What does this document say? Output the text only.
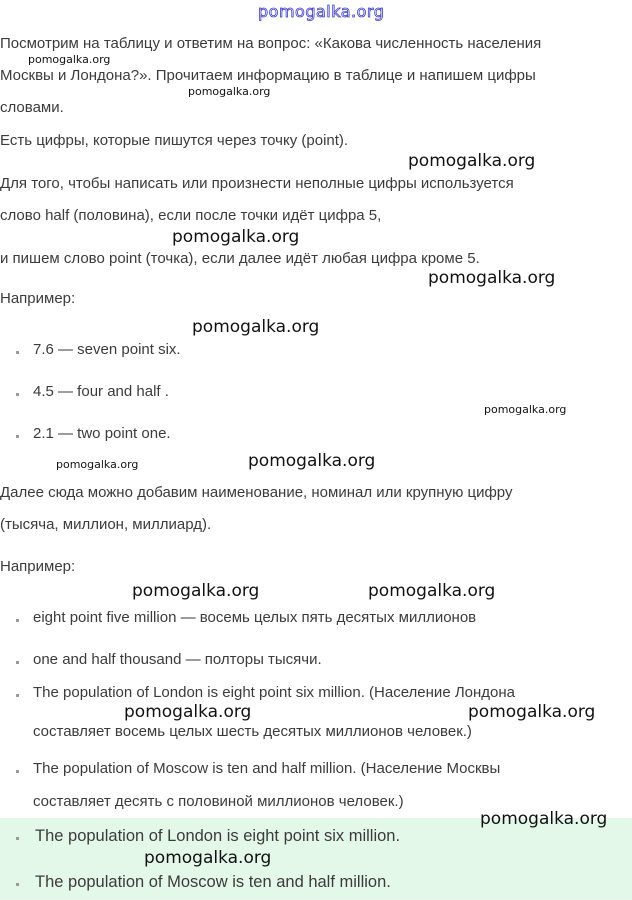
Посмотрим на таблицу и ответим на вопрос: «Какова численность населения
Москвы и Лондона?». Прочитаем информацию в таблице и напишем цифры
словами.
Есть цифры, которые пишутся через точку (point).
Для того, чтобы написать или произнести неполные цифры используется
слово half (половина), если после точки идёт цифра 5,
и пишем слово point (точка), если далее идёт любая цифра кроме 5.
Например:
7.6 — seven point six.
4.5 — four and half .
2.1 — two point one.
Далее сюда можно добавим наименование, номинал или крупную цифру
(тысяча, миллион, миллиард).
Например:
eight point five million — восемь целых пять десятых миллионов
one and half thousand — полторы тысячи.
The population of London is eight point six million. (Население Лондона
составляет восемь целых шесть десятых миллионов человек.)
The population of Moscow is ten and half million. (Население Москвы
составляет десять с половиной миллионов человек.)
The population of London is eight point six million.
The population of Moscow is ten and half million.
pomogalka.org
pomogalka.org
pomogalka.org
pomogalka.org
pomogalka.org
pomogalka.org
pomogalka.org
pomogalka.org
pomogalka.org
pomogalka.org
pomogalka.org	pomogalka.org
pomogalka.org	pomogalka.org
pomogalka.org
pomogalka.org
